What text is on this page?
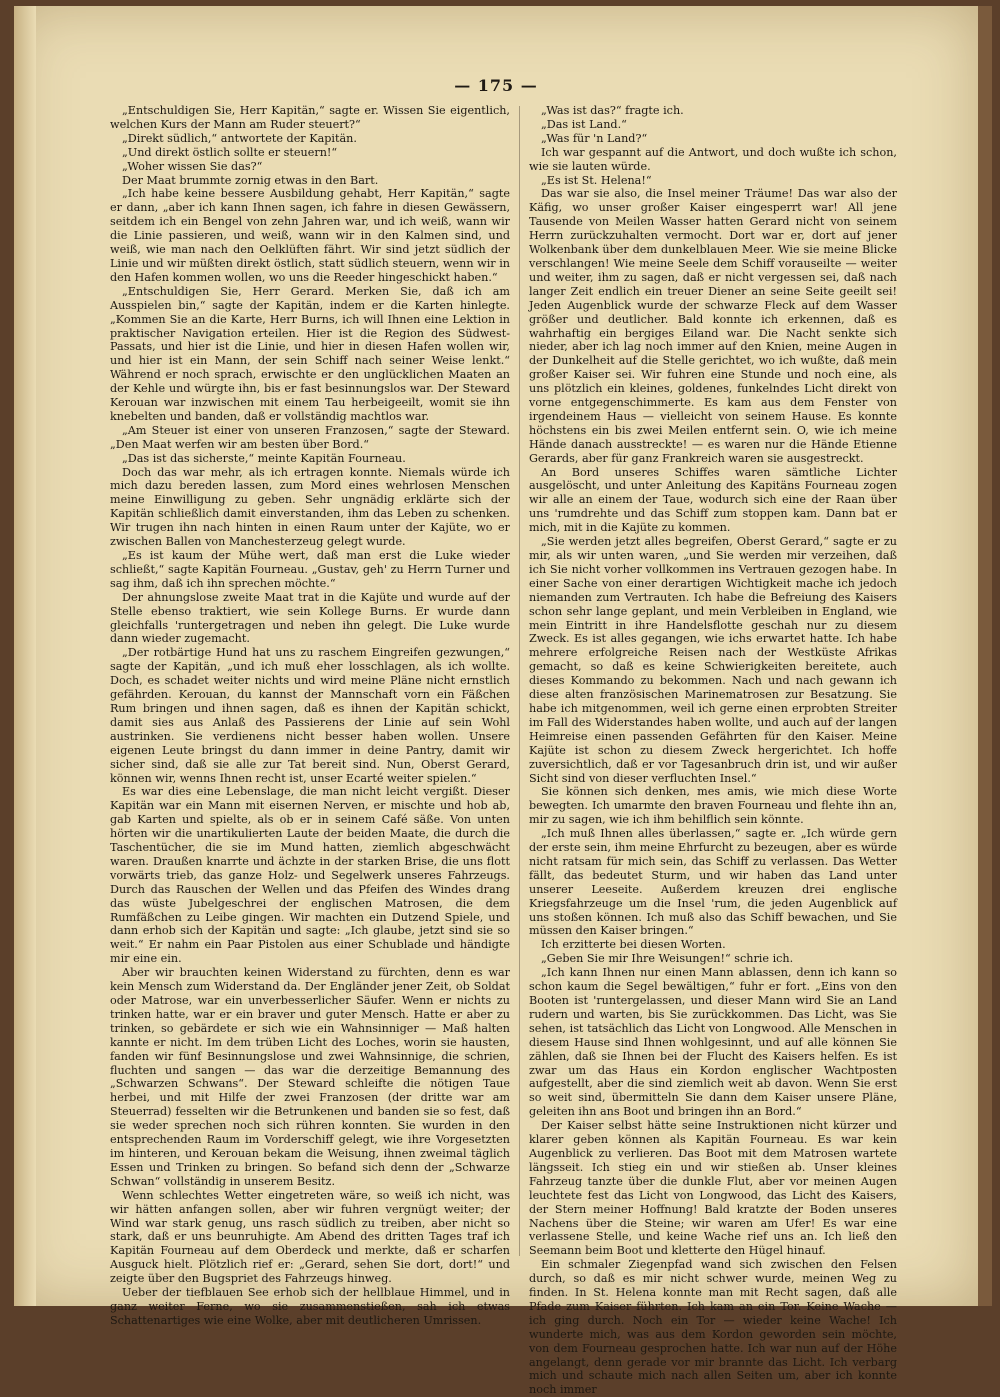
— 175 —

„Entschuldigen Sie, Herr Kapitän,“ sagte er. Wissen Sie eigentlich, welchen Kurs der Mann am Ruder steuert?“

„Direkt südlich,“ antwortete der Kapitän.

„Und direkt östlich sollte er steuern!“

„Woher wissen Sie das?“

Der Maat brummte zornig etwas in den Bart.

„Ich habe keine bessere Ausbildung gehabt, Herr Kapitän,“ sagte er dann, „aber ich kann Ihnen sagen, ich fahre in diesen Gewässern, seitdem ich ein Bengel von zehn Jahren war, und ich weiß, wann wir die Linie passieren, und weiß, wann wir in den Kalmen sind, und weiß, wie man nach den Oelklüften fährt. Wir sind jetzt südlich der Linie und wir müßten direkt östlich, statt südlich steuern, wenn wir in den Hafen kommen wollen, wo uns die Reeder hingeschickt haben.“

„Entschuldigen Sie, Herr Gerard. Merken Sie, daß ich am Ausspielen bin,“ sagte der Kapitän, indem er die Karten hinlegte. „Kommen Sie an die Karte, Herr Burns, ich will Ihnen eine Lektion in praktischer Navigation erteilen. Hier ist die Region des Südwest-Passats, und hier ist die Linie, und hier in diesen Hafen wollen wir, und hier ist ein Mann, der sein Schiff nach seiner Weise lenkt.“ Während er noch sprach, erwischte er den unglücklichen Maaten an der Kehle und würgte ihn, bis er fast besinnungslos war. Der Steward Kerouan war inzwischen mit einem Tau herbeigeeilt, womit sie ihn knebelten und banden, daß er vollständig machtlos war.

„Am Steuer ist einer von unseren Franzosen,“ sagte der Steward. „Den Maat werfen wir am besten über Bord.“

„Das ist das sicherste,“ meinte Kapitän Fourneau.

Doch das war mehr, als ich ertragen konnte. Niemals würde ich mich dazu bereden lassen, zum Mord eines wehrlosen Menschen meine Einwilligung zu geben. Sehr ungnädig erklärte sich der Kapitän schließlich damit einverstanden, ihm das Leben zu schenken. Wir trugen ihn nach hinten in einen Raum unter der Kajüte, wo er zwischen Ballen von Manchesterzeug gelegt wurde.

„Es ist kaum der Mühe wert, daß man erst die Luke wieder schließt,“ sagte Kapitän Fourneau. „Gustav, geh' zu Herrn Turner und sag ihm, daß ich ihn sprechen möchte.“

Der ahnungslose zweite Maat trat in die Kajüte und wurde auf der Stelle ebenso traktiert, wie sein Kollege Burns. Er wurde dann gleichfalls 'runtergetragen und neben ihn gelegt. Die Luke wurde dann wieder zugemacht.

„Der rotbärtige Hund hat uns zu raschem Eingreifen gezwungen,“ sagte der Kapitän, „und ich muß eher losschlagen, als ich wollte. Doch, es schadet weiter nichts und wird meine Pläne nicht ernstlich gefährden. Kerouan, du kannst der Mannschaft vorn ein Fäßchen Rum bringen und ihnen sagen, daß es ihnen der Kapitän schickt, damit sies aus Anlaß des Passierens der Linie auf sein Wohl austrinken. Sie verdienens nicht besser haben wollen. Unsere eigenen Leute bringst du dann immer in deine Pantry, damit wir sicher sind, daß sie alle zur Tat bereit sind. Nun, Oberst Gerard, können wir, wenns Ihnen recht ist, unser Ecarté weiter spielen.“

Es war dies eine Lebenslage, die man nicht leicht vergißt. Dieser Kapitän war ein Mann mit eisernen Nerven, er mischte und hob ab, gab Karten und spielte, als ob er in seinem Café säße. Von unten hörten wir die unartikulierten Laute der beiden Maate, die durch die Taschentücher, die sie im Mund hatten, ziemlich abgeschwächt waren. Draußen knarrte und ächzte in der starken Brise, die uns flott vorwärts trieb, das ganze Holz- und Segelwerk unseres Fahrzeugs. Durch das Rauschen der Wellen und das Pfeifen des Windes drang das wüste Jubelgeschrei der englischen Matrosen, die dem Rumfäßchen zu Leibe gingen. Wir machten ein Dutzend Spiele, und dann erhob sich der Kapitän und sagte: „Ich glaube, jetzt sind sie so weit.“ Er nahm ein Paar Pistolen aus einer Schublade und händigte mir eine ein.

Aber wir brauchten keinen Widerstand zu fürchten, denn es war kein Mensch zum Widerstand da. Der Engländer jener Zeit, ob Soldat oder Matrose, war ein unverbesserlicher Säufer. Wenn er nichts zu trinken hatte, war er ein braver und guter Mensch. Hatte er aber zu trinken, so gebärdete er sich wie ein Wahnsinniger — Maß halten kannte er nicht. Im dem trüben Licht des Loches, worin sie hausten, fanden wir fünf Besinnungslose und zwei Wahnsinnige, die schrien, fluchten und sangen — das war die derzeitige Bemannung des „Schwarzen Schwans“. Der Steward schleifte die nötigen Taue herbei, und mit Hilfe der zwei Franzosen (der dritte war am Steuerrad) fesselten wir die Betrunkenen und banden sie so fest, daß sie weder sprechen noch sich rühren konnten. Sie wurden in den entsprechenden Raum im Vorderschiff gelegt, wie ihre Vorgesetzten im hinteren, und Kerouan bekam die Weisung, ihnen zweimal täglich Essen und Trinken zu bringen. So befand sich denn der „Schwarze Schwan“ vollständig in unserem Besitz.

Wenn schlechtes Wetter eingetreten wäre, so weiß ich nicht, was wir hätten anfangen sollen, aber wir fuhren vergnügt weiter; der Wind war stark genug, uns rasch südlich zu treiben, aber nicht so stark, daß er uns beunruhigte. Am Abend des dritten Tages traf ich Kapitän Fourneau auf dem Oberdeck und merkte, daß er scharfen Ausguck hielt. Plötzlich rief er: „Gerard, sehen Sie dort, dort!“ und zeigte über den Bugspriet des Fahrzeugs hinweg.

Ueber der tiefblauen See erhob sich der hellblaue Himmel, und in ganz weiter Ferne, wo sie zusammenstießen, sah ich etwas Schattenartiges wie eine Wolke, aber mit deutlicheren Umrissen.

„Was ist das?“ fragte ich.

„Das ist Land.“

„Was für 'n Land?“

Ich war gespannt auf die Antwort, und doch wußte ich schon, wie sie lauten würde.

„Es ist St. Helena!“

Das war sie also, die Insel meiner Träume! Das war also der Käfig, wo unser großer Kaiser eingesperrt war! All jene Tausende von Meilen Wasser hatten Gerard nicht von seinem Herrn zurückzuhalten vermocht. Dort war er, dort auf jener Wolkenbank über dem dunkelblauen Meer. Wie sie meine Blicke verschlangen! Wie meine Seele dem Schiff vorauseilte — weiter und weiter, ihm zu sagen, daß er nicht vergessen sei, daß nach langer Zeit endlich ein treuer Diener an seine Seite geeilt sei! Jeden Augenblick wurde der schwarze Fleck auf dem Wasser größer und deutlicher. Bald konnte ich erkennen, daß es wahrhaftig ein bergiges Eiland war. Die Nacht senkte sich nieder, aber ich lag noch immer auf den Knien, meine Augen in der Dunkelheit auf die Stelle gerichtet, wo ich wußte, daß mein großer Kaiser sei. Wir fuhren eine Stunde und noch eine, als uns plötzlich ein kleines, goldenes, funkelndes Licht direkt von vorne entgegenschimmerte. Es kam aus dem Fenster von irgendeinem Haus — vielleicht von seinem Hause. Es konnte höchstens ein bis zwei Meilen entfernt sein. O, wie ich meine Hände danach ausstreckte! — es waren nur die Hände Etienne Gerards, aber für ganz Frankreich waren sie ausgestreckt.

An Bord unseres Schiffes waren sämtliche Lichter ausgelöscht, und unter Anleitung des Kapitäns Fourneau zogen wir alle an einem der Taue, wodurch sich eine der Raan über uns 'rumdrehte und das Schiff zum stoppen kam. Dann bat er mich, mit in die Kajüte zu kommen.

„Sie werden jetzt alles begreifen, Oberst Gerard,“ sagte er zu mir, als wir unten waren, „und Sie werden mir verzeihen, daß ich Sie nicht vorher vollkommen ins Vertrauen gezogen habe. In einer Sache von einer derartigen Wichtigkeit mache ich jedoch niemanden zum Vertrauten. Ich habe die Befreiung des Kaisers schon sehr lange geplant, und mein Verbleiben in England, wie mein Eintritt in ihre Handelsflotte geschah nur zu diesem Zweck. Es ist alles gegangen, wie ichs erwartet hatte. Ich habe mehrere erfolgreiche Reisen nach der Westküste Afrikas gemacht, so daß es keine Schwierigkeiten bereitete, auch dieses Kommando zu bekommen. Nach und nach gewann ich diese alten französischen Marinematrosen zur Besatzung. Sie habe ich mitgenommen, weil ich gerne einen erprobten Streiter im Fall des Widerstandes haben wollte, und auch auf der langen Heimreise einen passenden Gefährten für den Kaiser. Meine Kajüte ist schon zu diesem Zweck hergerichtet. Ich hoffe zuversichtlich, daß er vor Tagesanbruch drin ist, und wir außer Sicht sind von dieser verfluchten Insel.“

Sie können sich denken, mes amis, wie mich diese Worte bewegten. Ich umarmte den braven Fourneau und flehte ihn an, mir zu sagen, wie ich ihm behilflich sein könnte.

„Ich muß Ihnen alles überlassen,“ sagte er. „Ich würde gern der erste sein, ihm meine Ehrfurcht zu bezeugen, aber es würde nicht ratsam für mich sein, das Schiff zu verlassen. Das Wetter fällt, das bedeutet Sturm, und wir haben das Land unter unserer Leeseite. Außerdem kreuzen drei englische Kriegsfahrzeuge um die Insel 'rum, die jeden Augenblick auf uns stoßen können. Ich muß also das Schiff bewachen, und Sie müssen den Kaiser bringen.“

Ich erzitterte bei diesen Worten.

„Geben Sie mir Ihre Weisungen!“ schrie ich.

„Ich kann Ihnen nur einen Mann ablassen, denn ich kann so schon kaum die Segel bewältigen,“ fuhr er fort. „Eins von den Booten ist 'runtergelassen, und dieser Mann wird Sie an Land rudern und warten, bis Sie zurückkommen. Das Licht, was Sie sehen, ist tatsächlich das Licht von Longwood. Alle Menschen in diesem Hause sind Ihnen wohlgesinnt, und auf alle können Sie zählen, daß sie Ihnen bei der Flucht des Kaisers helfen. Es ist zwar um das Haus ein Kordon englischer Wachtposten aufgestellt, aber die sind ziemlich weit ab davon. Wenn Sie erst so weit sind, übermitteln Sie dann dem Kaiser unsere Pläne, geleiten ihn ans Boot und bringen ihn an Bord.“

Der Kaiser selbst hätte seine Instruktionen nicht kürzer und klarer geben können als Kapitän Fourneau. Es war kein Augenblick zu verlieren. Das Boot mit dem Matrosen wartete längsseit. Ich stieg ein und wir stießen ab. Unser kleines Fahrzeug tanzte über die dunkle Flut, aber vor meinen Augen leuchtete fest das Licht von Longwood, das Licht des Kaisers, der Stern meiner Hoffnung! Bald kratzte der Boden unseres Nachens über die Steine; wir waren am Ufer! Es war eine verlassene Stelle, und keine Wache rief uns an. Ich ließ den Seemann beim Boot und kletterte den Hügel hinauf.

Ein schmaler Ziegenpfad wand sich zwischen den Felsen durch, so daß es mir nicht schwer wurde, meinen Weg zu finden. In St. Helena konnte man mit Recht sagen, daß alle Pfade zum Kaiser führten. Ich kam an ein Tor. Keine Wache — ich ging durch. Noch ein Tor — wieder keine Wache! Ich wunderte mich, was aus dem Kordon geworden sein möchte, von dem Fourneau gesprochen hatte. Ich war nun auf der Höhe angelangt, denn gerade vor mir brannte das Licht. Ich verbarg mich und schaute mich nach allen Seiten um, aber ich konnte noch immer
